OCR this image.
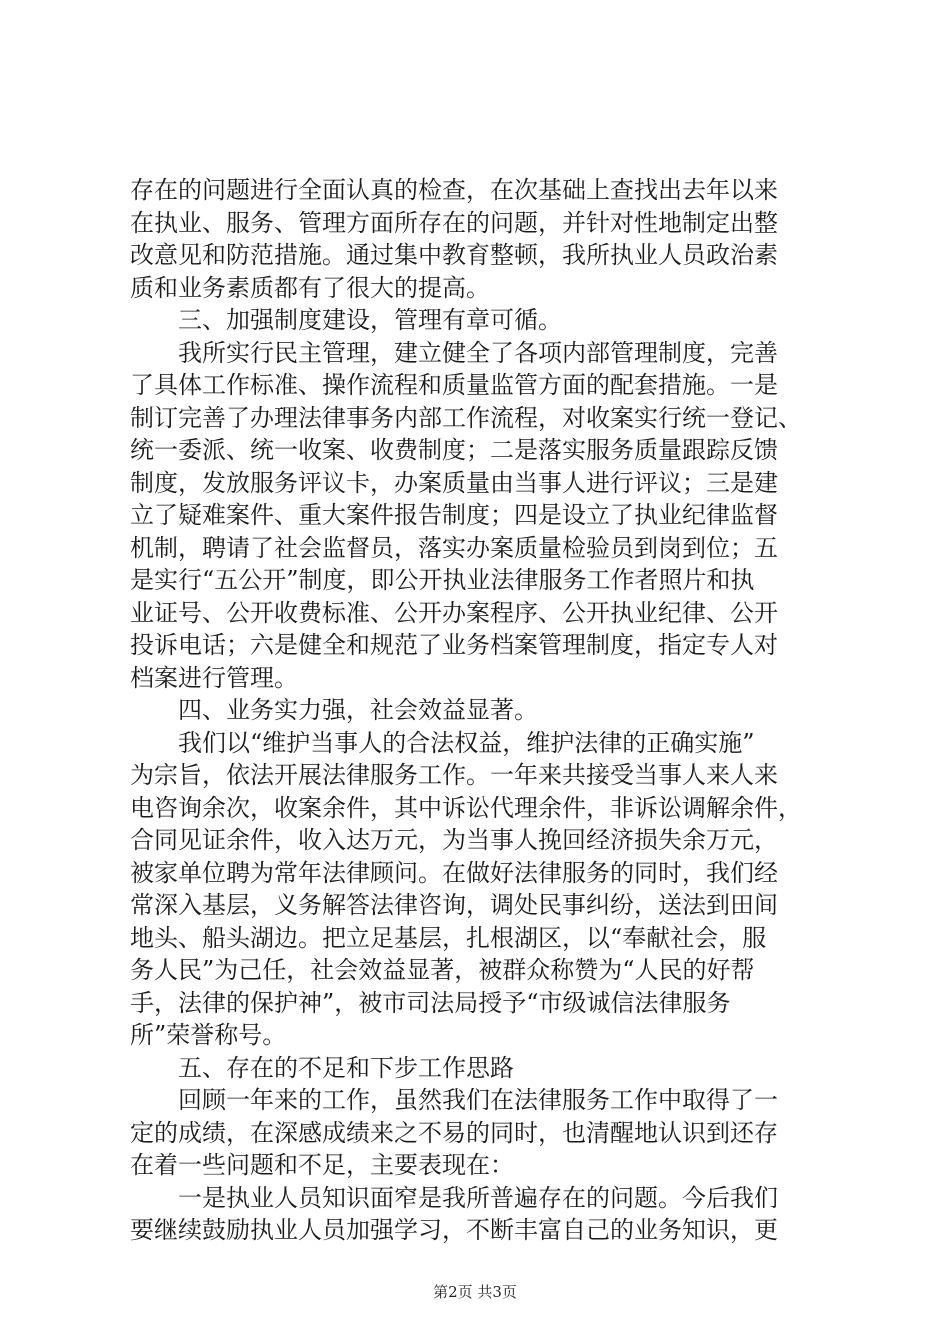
存在的问题进行全面认真的检查，在次基础上查找出去年以来
在执业、服务、管理方面所存在的问题，并针对性地制定出整
改意见和防范措施。通过集中教育整顿，我所执业人员政治素
质和业务素质都有了很大的提高。
三、加强制度建设，管理有章可循。
我所实行民主管理，建立健全了各项内部管理制度，完善
了具体工作标准、操作流程和质量监管方面的配套措施。一是
制订完善了办理法律事务内部工作流程，对收案实行统一登记、
统一委派、统一收案、收费制度；二是落实服务质量跟踪反馈
制度，发放服务评议卡，办案质量由当事人进行评议；三是建
立了疑难案件、重大案件报告制度；四是设立了执业纪律监督
机制，聘请了社会监督员，落实办案质量检验员到岗到位；五
是实行“五公开”制度，即公开执业法律服务工作者照片和执
业证号、公开收费标准、公开办案程序、公开执业纪律、公开
投诉电话；六是健全和规范了业务档案管理制度，指定专人对
档案进行管理。
四、业务实力强，社会效益显著。
我们以“维护当事人的合法权益，维护法律的正确实施”
为宗旨，依法开展法律服务工作。一年来共接受当事人来人来
电咨询余次，收案余件，其中诉讼代理余件，非诉讼调解余件，
合同见证余件，收入达万元，为当事人挽回经济损失余万元，
被家单位聘为常年法律顾问。在做好法律服务的同时，我们经
常深入基层，义务解答法律咨询，调处民事纠纷，送法到田间
地头、船头湖边。把立足基层，扎根湖区，以“奉献社会，服
务人民”为己任，社会效益显著，被群众称赞为“人民的好帮
手，法律的保护神”，被市司法局授予“市级诚信法律服务
所”荣誉称号。
五、存在的不足和下步工作思路
回顾一年来的工作，虽然我们在法律服务工作中取得了一
定的成绩，在深感成绩来之不易的同时，也清醒地认识到还存
在着一些问题和不足，主要表现在：
一是执业人员知识面窄是我所普遍存在的问题。今后我们
要继续鼓励执业人员加强学习，不断丰富自己的业务知识，更
第2页 共3页
